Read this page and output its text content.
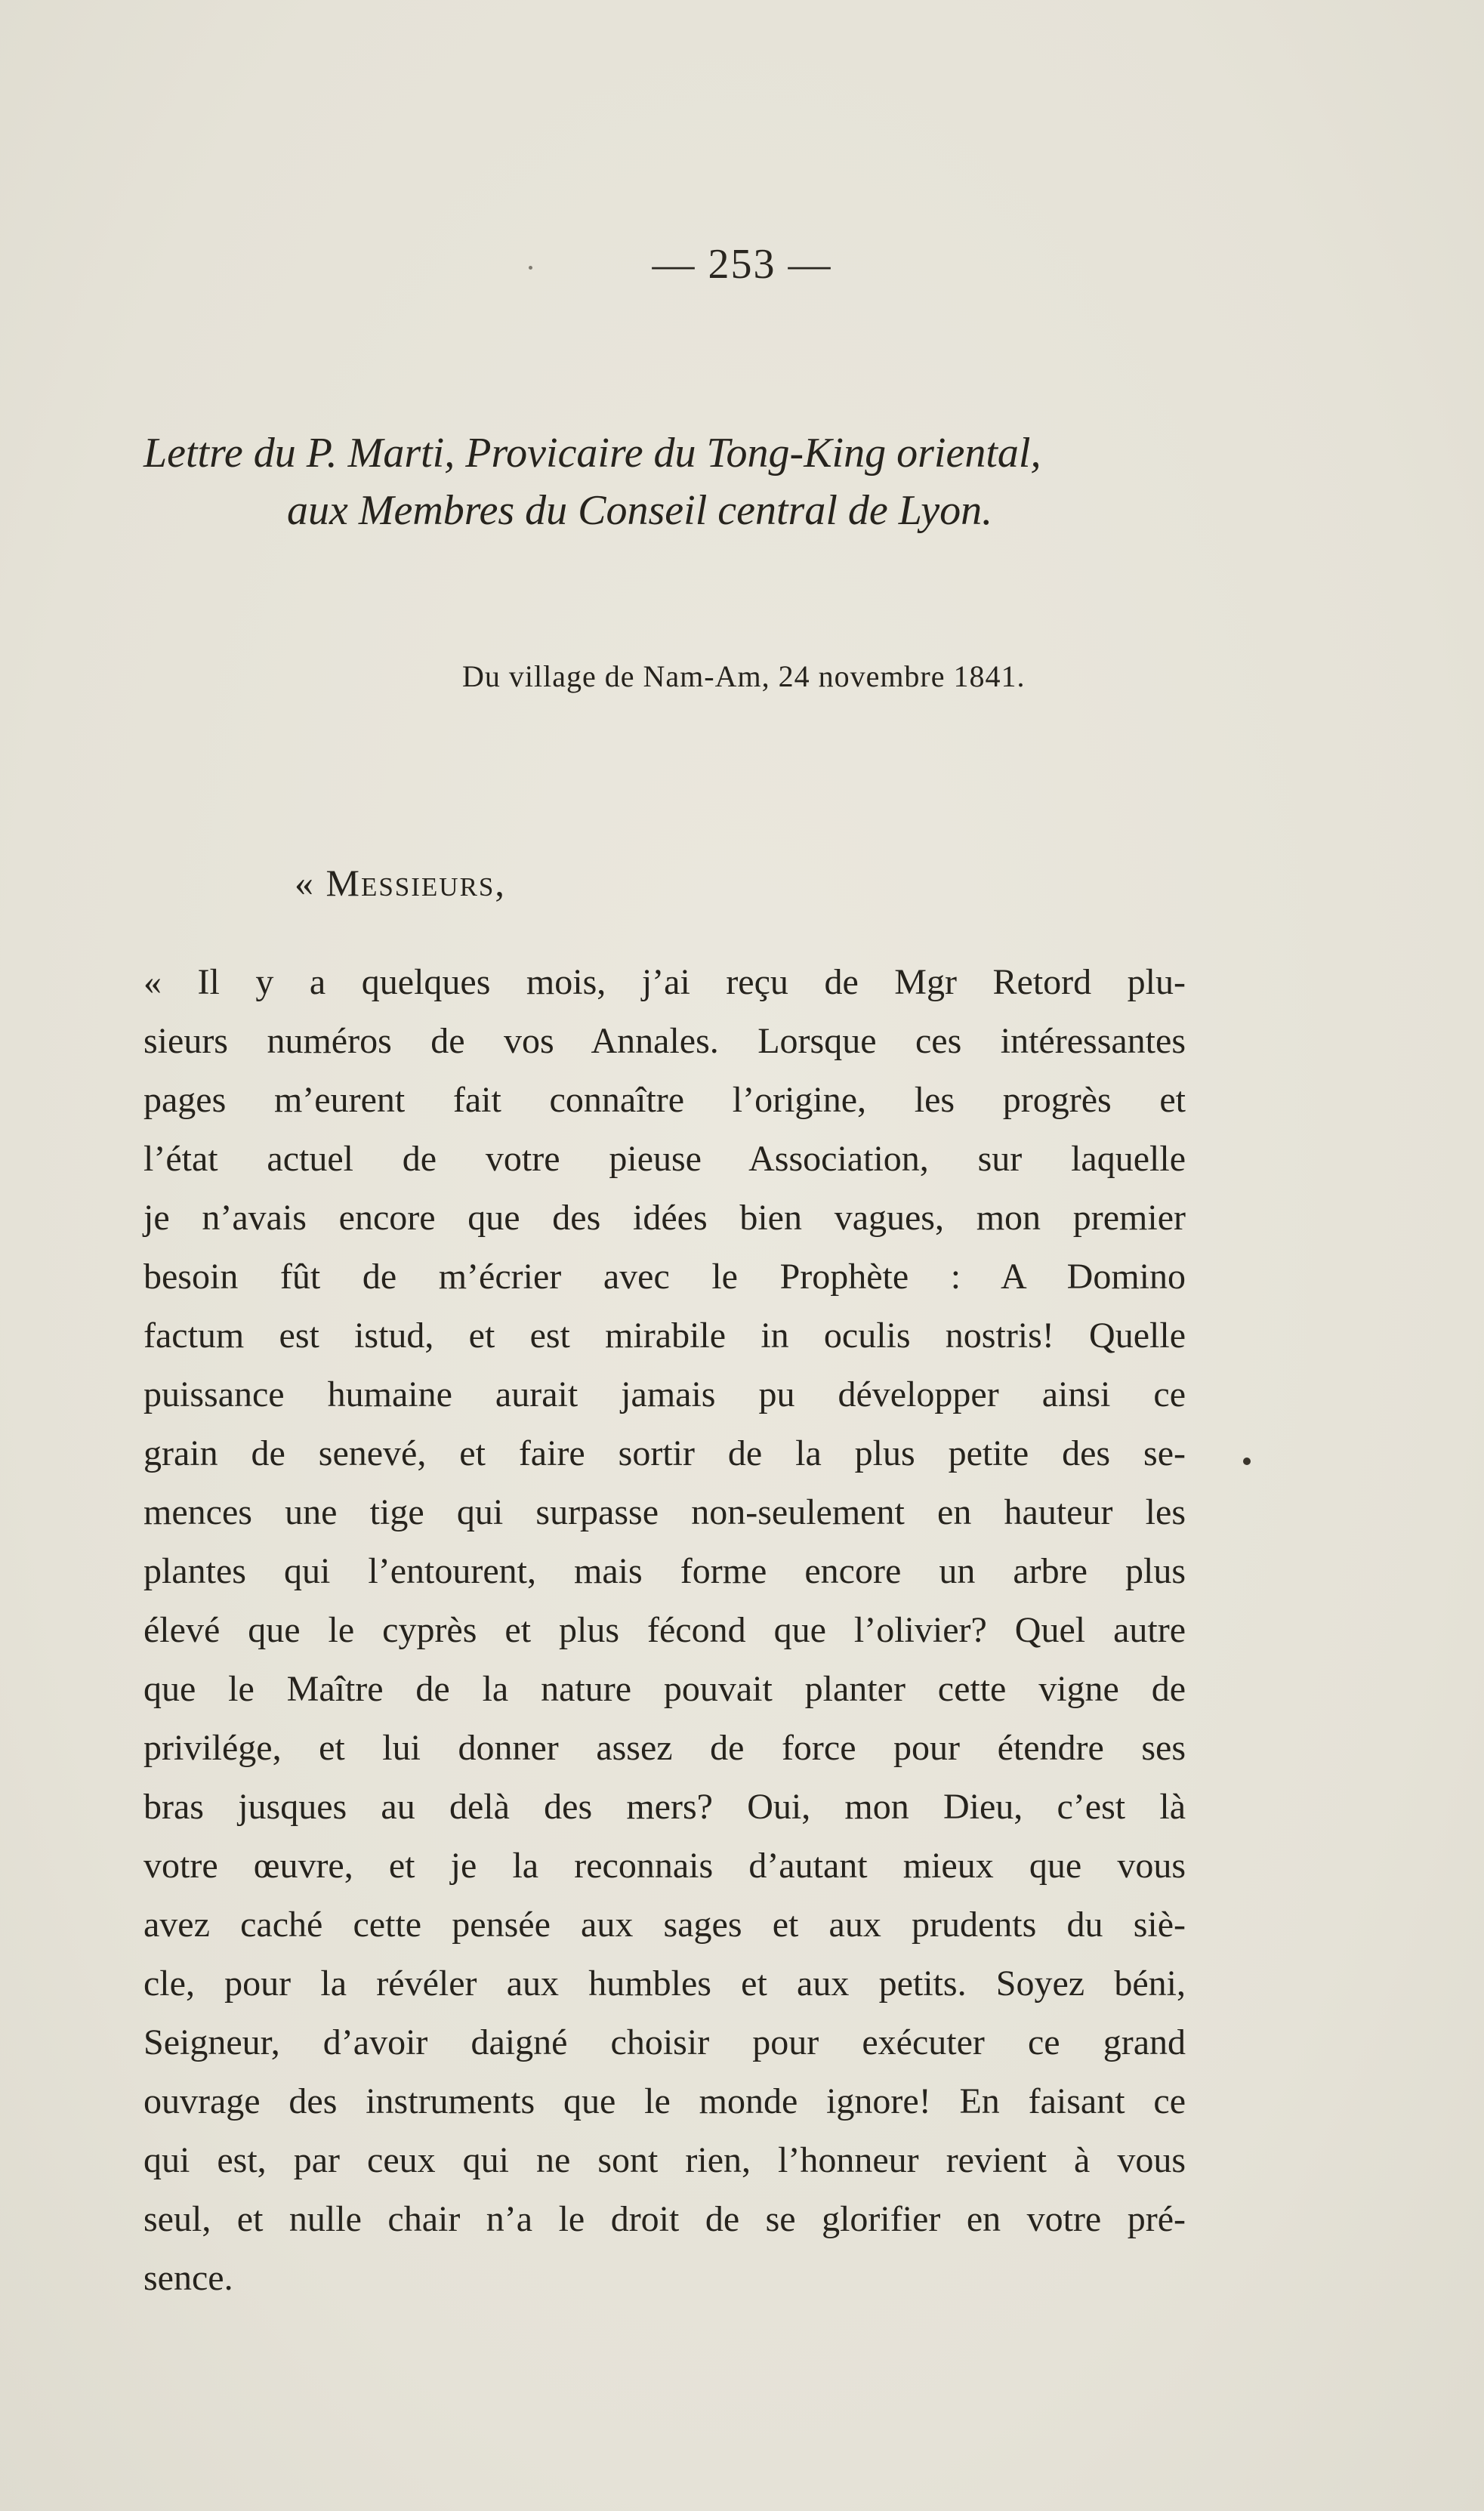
— 253 —
Lettre du P. Marti, Provicaire du Tong-King oriental,
aux Membres du Conseil central de Lyon.
Du village de Nam-Am, 24 novembre 1841.
« Messieurs,
« Il y a quelques mois, j’ai reçu de Mgr Retord plu-
sieurs numéros de vos Annales. Lorsque ces intéressantes
pages m’eurent fait connaître l’origine, les progrès et
l’état actuel de votre pieuse Association, sur laquelle
je n’avais encore que des idées bien vagues, mon premier
besoin fût de m’écrier avec le Prophète : A Domino
factum est istud, et est mirabile in oculis nostris! Quelle
puissance humaine aurait jamais pu développer ainsi ce
grain de senevé, et faire sortir de la plus petite des se-
mences une tige qui surpasse non-seulement en hauteur les
plantes qui l’entourent, mais forme encore un arbre plus
élevé que le cyprès et plus fécond que l’olivier? Quel autre
que le Maître de la nature pouvait planter cette vigne de
privilége, et lui donner assez de force pour étendre ses
bras jusques au delà des mers? Oui, mon Dieu, c’est là
votre œuvre, et je la reconnais d’autant mieux que vous
avez caché cette pensée aux sages et aux prudents du siè-
cle, pour la révéler aux humbles et aux petits. Soyez béni,
Seigneur, d’avoir daigné choisir pour exécuter ce grand
ouvrage des instruments que le monde ignore! En faisant ce
qui est, par ceux qui ne sont rien, l’honneur revient à vous
seul, et nulle chair n’a le droit de se glorifier en votre pré-
sence.
